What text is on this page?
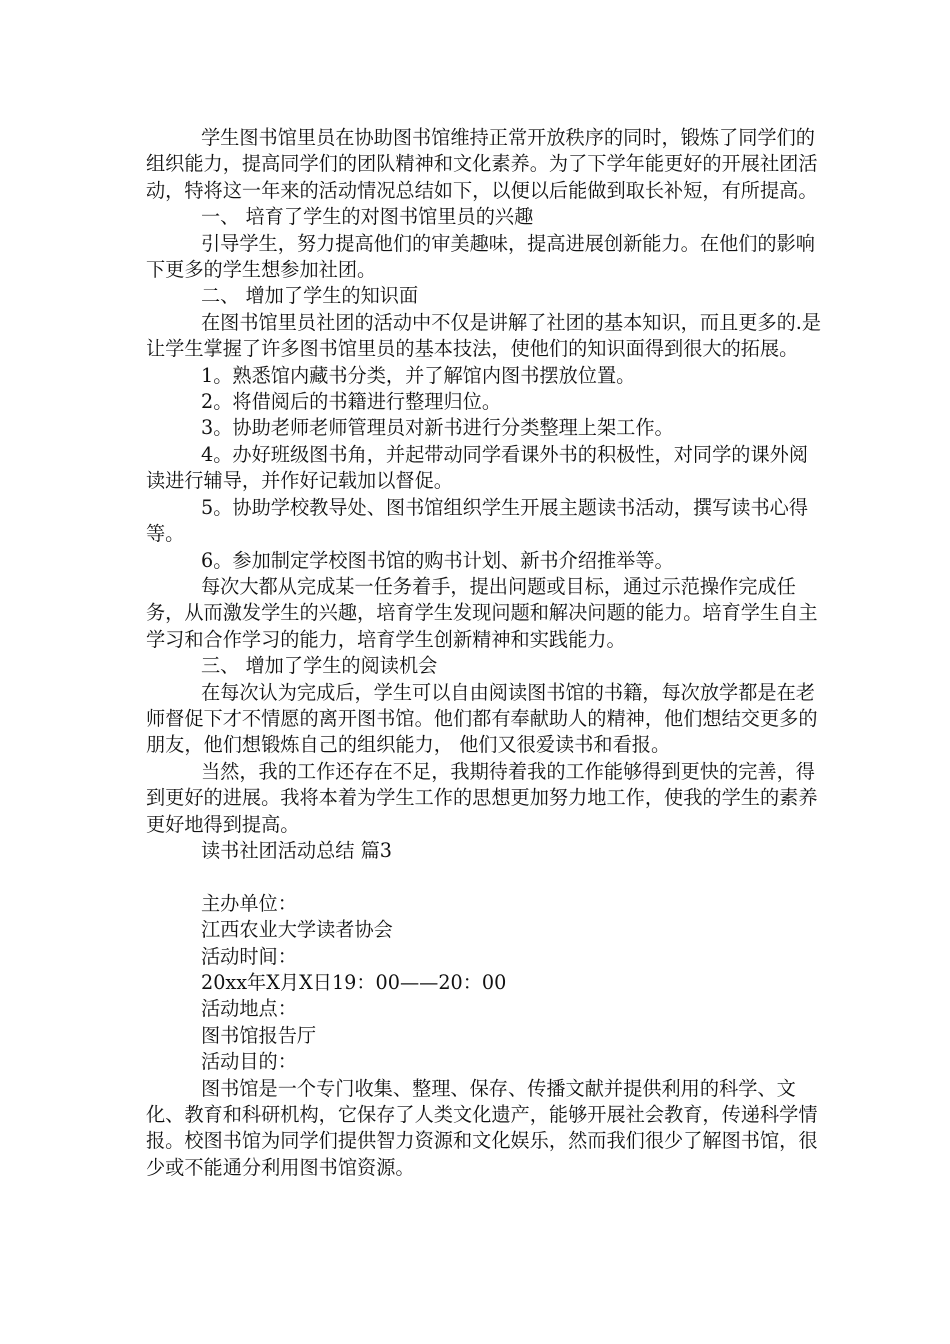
学生图书馆里员在协助图书馆维持正常开放秩序的同时，锻炼了同学们的组织能力，提高同学们的团队精神和文化素养。为了下学年能更好的开展社团活动，特将这一年来的活动情况总结如下，以便以后能做到取长补短，有所提高。

一、 培育了学生的对图书馆里员的兴趣

引导学生，努力提高他们的审美趣味，提高进展创新能力。在他们的影响下更多的学生想参加社团。

二、 增加了学生的知识面

在图书馆里员社团的活动中不仅是讲解了社团的基本知识，而且更多的.是让学生掌握了许多图书馆里员的基本技法，使他们的知识面得到很大的拓展。

1。熟悉馆内藏书分类，并了解馆内图书摆放位置。

2。将借阅后的书籍进行整理归位。

3。协助老师老师管理员对新书进行分类整理上架工作。

4。办好班级图书角，并起带动同学看课外书的积极性，对同学的课外阅读进行辅导，并作好记载加以督促。

5。协助学校教导处、图书馆组织学生开展主题读书活动，撰写读书心得等。

6。参加制定学校图书馆的购书计划、新书介绍推举等。

每次大都从完成某一任务着手，提出问题或目标，通过示范操作完成任务，从而激发学生的兴趣，培育学生发现问题和解决问题的能力。培育学生自主学习和合作学习的能力，培育学生创新精神和实践能力。

三、 增加了学生的阅读机会

在每次认为完成后，学生可以自由阅读图书馆的书籍，每次放学都是在老师督促下才不情愿的离开图书馆。他们都有奉献助人的精神，他们想结交更多的朋友，他们想锻炼自己的组织能力， 他们又很爱读书和看报。

当然，我的工作还存在不足，我期待着我的工作能够得到更快的完善，得到更好的进展。我将本着为学生工作的思想更加努力地工作，使我的学生的素养更好地得到提高。

读书社团活动总结 篇3

主办单位：

江西农业大学读者协会

活动时间：

20xx年X月X日19：00——20：00

活动地点：

图书馆报告厅

活动目的：

图书馆是一个专门收集、整理、保存、传播文献并提供利用的科学、文化、教育和科研机构，它保存了人类文化遗产，能够开展社会教育，传递科学情报。校图书馆为同学们提供智力资源和文化娱乐，然而我们很少了解图书馆，很少或不能通分利用图书馆资源。
